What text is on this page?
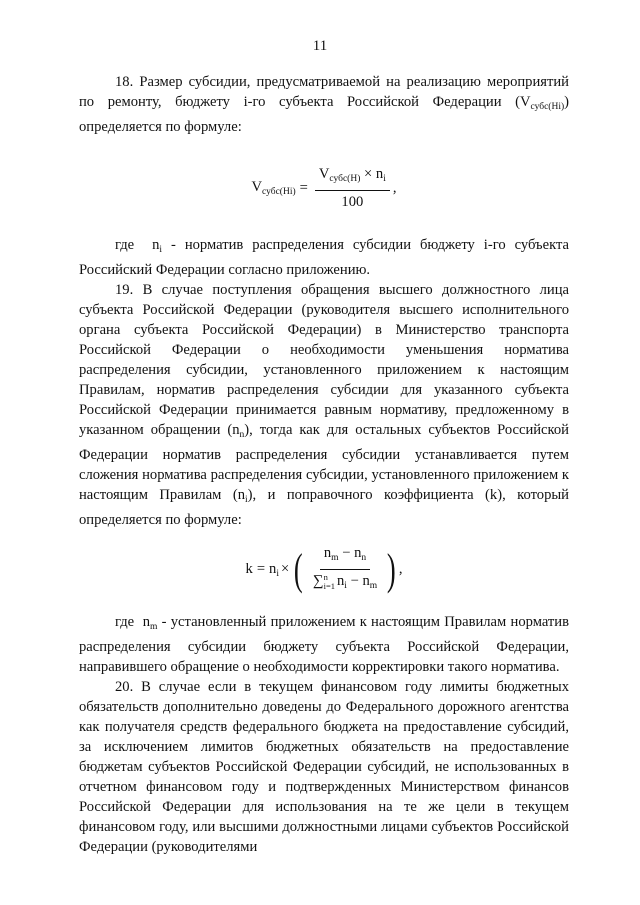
11

18. Размер субсидии, предусматриваемой на реализацию мероприятий по ремонту, бюджету i-го субъекта Российской Федерации $(V_{субс(Hi)})$ определяется по формуле:

$V_{субс(Hi)} = \frac{V_{субс(H)} \times n_i}{100}$ ,

где $n_i$ - норматив распределения субсидии бюджету i-го субъекта Российский Федерации согласно приложению.

19. В случае поступления обращения высшего должностного лица субъекта Российской Федерации (руководителя высшего исполнительного органа субъекта Российской Федерации) в Министерство транспорта Российской Федерации о необходимости уменьшения норматива распределения субсидии, установленного приложением к настоящим Правилам, норматив распределения субсидии для указанного субъекта Российской Федерации принимается равным нормативу, предложенному в указанном обращении $(n_n)$, тогда как для остальных субъектов Российской Федерации норматив распределения субсидии устанавливается путем сложения норматива распределения субсидии, установленного приложением к настоящим Правилам $(n_i)$, и поправочного коэффициента (k), который определяется по формуле:

$k = n_i$ × ( $n_m - n_n$
∑ n
i=1 $n_i - n_m$ ) ,

где $n_m$ - установленный приложением к настоящим Правилам норматив распределения субсидии бюджету субъекта Российской Федерации, направившего обращение о необходимости корректировки такого норматива.

20. В случае если в текущем финансовом году лимиты бюджетных обязательств дополнительно доведены до Федерального дорожного агентства как получателя средств федерального бюджета на предоставление субсидий, за исключением лимитов бюджетных обязательств на предоставление бюджетам субъектов Российской Федерации субсидий, не использованных в отчетном финансовом году и подтвержденных Министерством финансов Российской Федерации для использования на те же цели в текущем финансовом году, или высшими должностными лицами субъектов Российской Федерации (руководителями
